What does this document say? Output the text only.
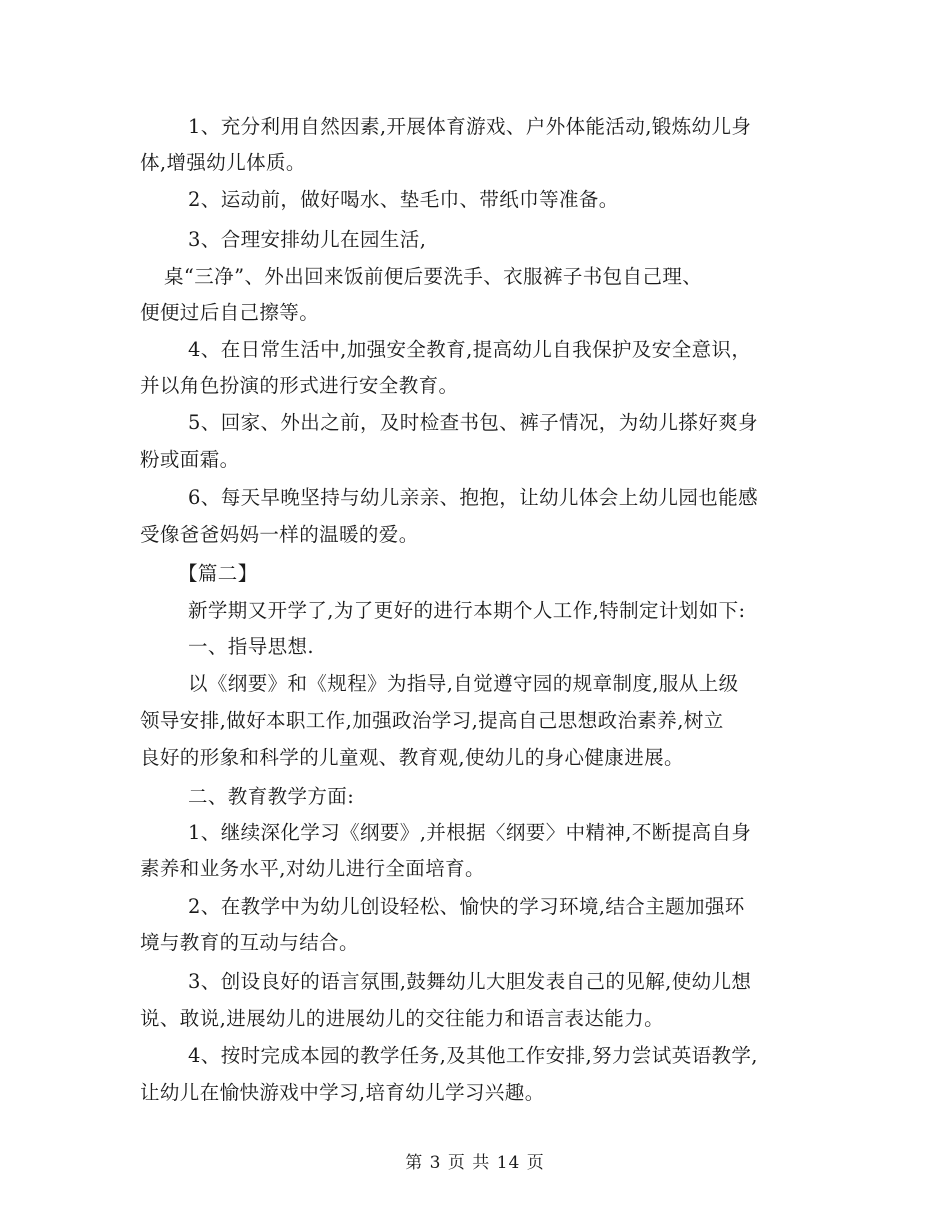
1、充分利用自然因素,开展体育游戏、户外体能活动,锻炼幼儿身
体,增强幼儿体质。
2、运动前，做好喝水、垫毛巾、带纸巾等准备。
3、合理安排幼儿在园生活,
桌“三净”、外出回来饭前便后要洗手、衣服裤子书包自己理、
便便过后自己擦等。
4、在日常生活中,加强安全教育,提高幼儿自我保护及安全意识，
并以角色扮演的形式进行安全教育。
5、回家、外出之前，及时检查书包、裤子情况，为幼儿搽好爽身
粉或面霜。
6、每天早晚坚持与幼儿亲亲、抱抱，让幼儿体会上幼儿园也能感
受像爸爸妈妈一样的温暖的爱。
【篇二】
新学期又开学了,为了更好的进行本期个人工作,特制定计划如下:
一、指导思想.
以《纲要》和《规程》为指导,自觉遵守园的规章制度,服从上级
领导安排,做好本职工作,加强政治学习,提高自己思想政治素养,树立
良好的形象和科学的儿童观、教育观,使幼儿的身心健康进展。
二、教育教学方面:
1、继续深化学习《纲要》,并根据〈纲要〉中精神,不断提高自身
素养和业务水平,对幼儿进行全面培育。
2、在教学中为幼儿创设轻松、愉快的学习环境,结合主题加强环
境与教育的互动与结合。
3、创设良好的语言氛围,鼓舞幼儿大胆发表自己的见解,使幼儿想
说、敢说,进展幼儿的进展幼儿的交往能力和语言表达能力。
4、按时完成本园的教学任务,及其他工作安排,努力尝试英语教学,
让幼儿在愉快游戏中学习,培育幼儿学习兴趣。
第 3 页 共 14 页
